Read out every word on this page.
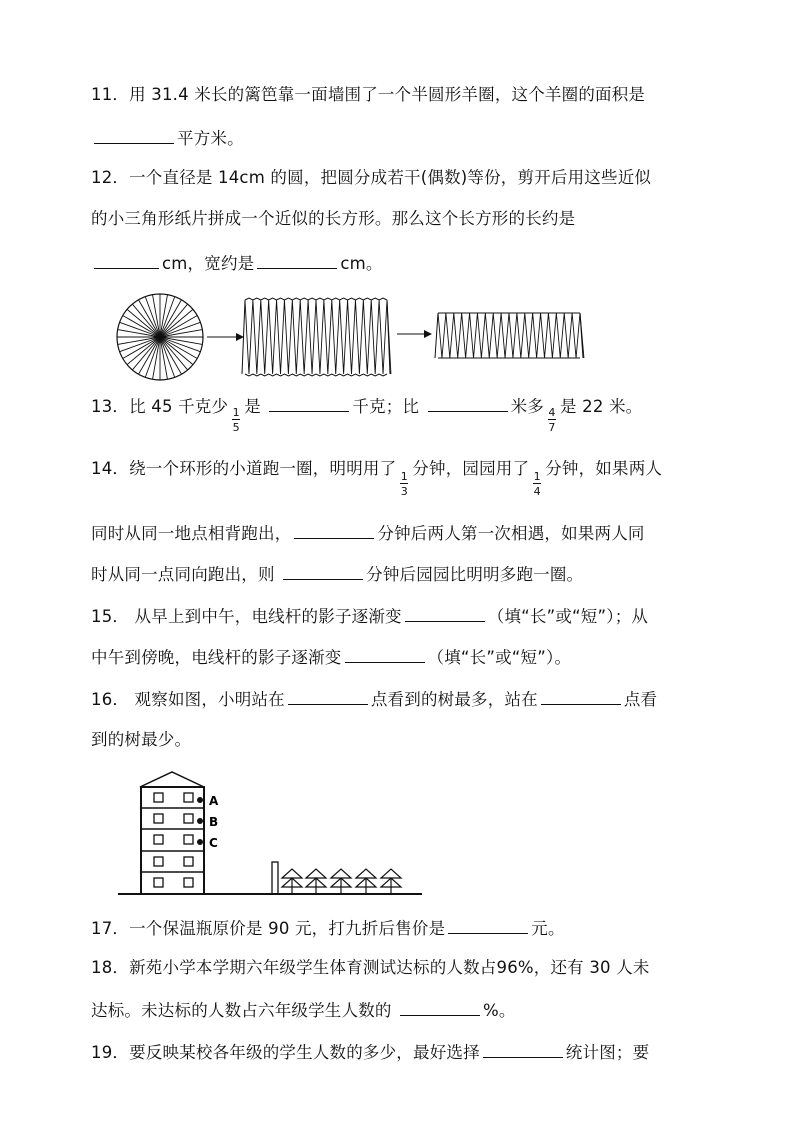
11．用 31.4 米长的篱笆靠一面墙围了一个半圆形羊圈，这个羊圈的面积是
平方米。
12．一个直径是 14cm 的圆，把圆分成若干(偶数)等份，剪开后用这些近似
的小三角形纸片拼成一个近似的长方形。那么这个长方形的长约是
cm，宽约是	cm。
13．比 45 千克少 $\frac{1}{5}$ 是	千克；比	米多 $\frac{4}{7}$ 是 22 米。
14．绕一个环形的小道跑一圈，明明用了 $\frac{1}{3}$ 分钟，园园用了 $\frac{1}{4}$ 分钟，如果两人
同时从同一地点相背跑出，	分钟后两人第一次相遇，如果两人同
时从同一点同向跑出，则	分钟后园园比明明多跑一圈。
15． 从早上到中午，电线杆的影子逐渐变	（填“长”或“短”）；从
中午到傍晚，电线杆的影子逐渐变	（填“长”或“短”）。
16． 观察如图，小明站在	点看到的树最多，站在	点看
到的树最少。
A
B
C
17．一个保温瓶原价是 90 元，打九折后售价是	元。
18．新苑小学本学期六年级学生体育测试达标的人数占96%，还有 30 人未
达标。未达标的人数占六年级学生人数的	%。
19．要反映某校各年级的学生人数的多少，最好选择	统计图；要
